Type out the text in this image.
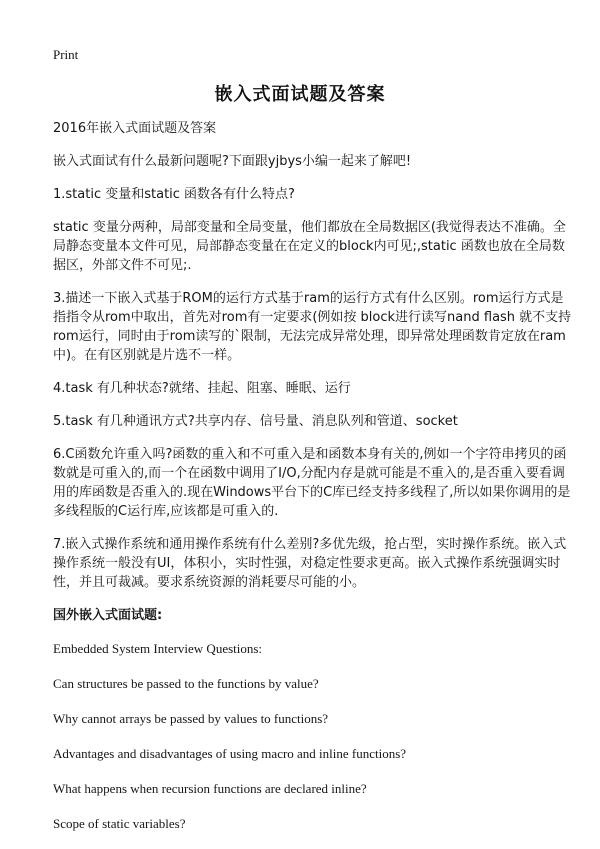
Print
嵌入式面试题及答案

2016年嵌入式面试题及答案

嵌入式面试有什么最新问题呢?下面跟yjbys小编一起来了解吧!

1.static 变量和static 函数各有什么特点?

static 变量分两种，局部变量和全局变量，他们都放在全局数据区(我觉得表达不准确。全局静态变量本文件可见，局部静态变量在在定义的block内可见;,static 函数也放在全局数据区，外部文件不可见;.

3.描述一下嵌入式基于ROM的运行方式基于ram的运行方式有什么区别。rom运行方式是指指令从rom中取出，首先对rom有一定要求(例如按 block进行读写nand flash 就不支持rom运行，同时由于rom读写的`限制，无法完成异常处理，即异常处理函数肯定放在ram中)。在有区别就是片选不一样。

4.task 有几种状态?就绪、挂起、阻塞、睡眠、运行

5.task 有几种通讯方式?共享内存、信号量、消息队列和管道、socket

6.C函数允许重入吗?函数的重入和不可重入是和函数本身有关的,例如一个字符串拷贝的函数就是可重入的,而一个在函数中调用了I/O,分配内存是就可能是不重入的,是否重入要看调用的库函数是否重入的.现在Windows平台下的C库已经支持多线程了,所以如果你调用的是多线程版的C运行库,应该都是可重入的.

7.嵌入式操作系统和通用操作系统有什么差别?多优先级，抢占型，实时操作系统。嵌入式操作系统一般没有UI，体积小，实时性强，对稳定性要求更高。嵌入式操作系统强调实时性，并且可裁减。要求系统资源的消耗要尽可能的小。

国外嵌入式面试题:

Embedded System Interview Questions:

Can structures be passed to the functions by value?

Why cannot arrays be passed by values to functions?

Advantages and disadvantages of using macro and inline functions?

What happens when recursion functions are declared inline?

Scope of static variables?
